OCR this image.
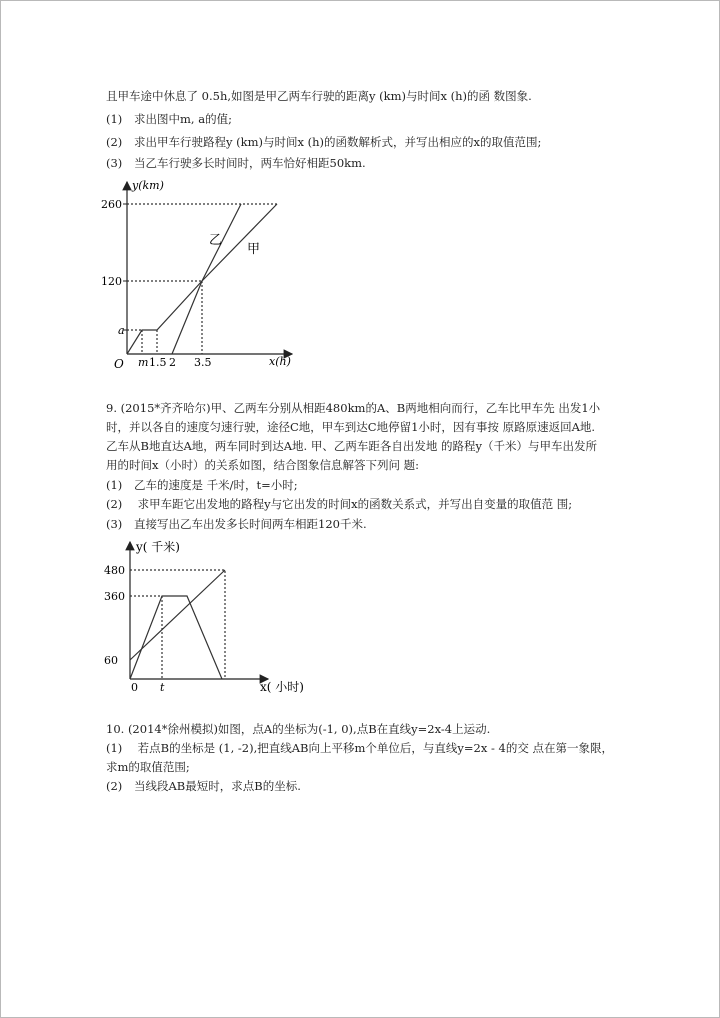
且甲车途中休息了 0.5h,如图是甲乙两车行驶的距离y (km)与时间x (h)的函 数图象.
(1) 求出图中m, a的值;
(2) 求出甲车行驶路程y (km)与时间x (h)的函数解析式，并写出相应的x的取值范围;
(3) 当乙车行驶多长时间时，两车恰好相距50km.
y(km)
x(h)
O
260
120
a
m 1.5 2 3.5
甲
乙
9. (2015*齐齐哈尔)甲、乙两车分别从相距480km的A、B两地相向而行，乙车比甲车先 出发1小
时，并以各自的速度匀速行驶，途径C地，甲车到达C地停留1小时，因有事按 原路原速返回A地.
乙车从B地直达A地，两车同时到达A地. 甲、乙两车距各自出发地 的路程y（千米）与甲车出发所
用的时间x（小时）的关系如图，结合图象信息解答下列问 题:
(1) 乙车的速度是 千米/时，t=小时;
(2) 求甲车距它出发地的路程y与它出发的时间x的函数关系式，并写出自变量的取值范 围;
(3) 直接写出乙车出发多长时间两车相距120千米.
y( 千米)
x( 小时)
480
360
60
0 t
10. (2014*徐州模拟)如图，点A的坐标为(-1, 0),点B在直线y=2x-4上运动.
(1) 若点B的坐标是 (1, -2),把直线AB向上平移m个单位后，与直线y=2x - 4的交 点在第一象限，
求m的取值范围;
(2) 当线段AB最短时，求点B的坐标.
